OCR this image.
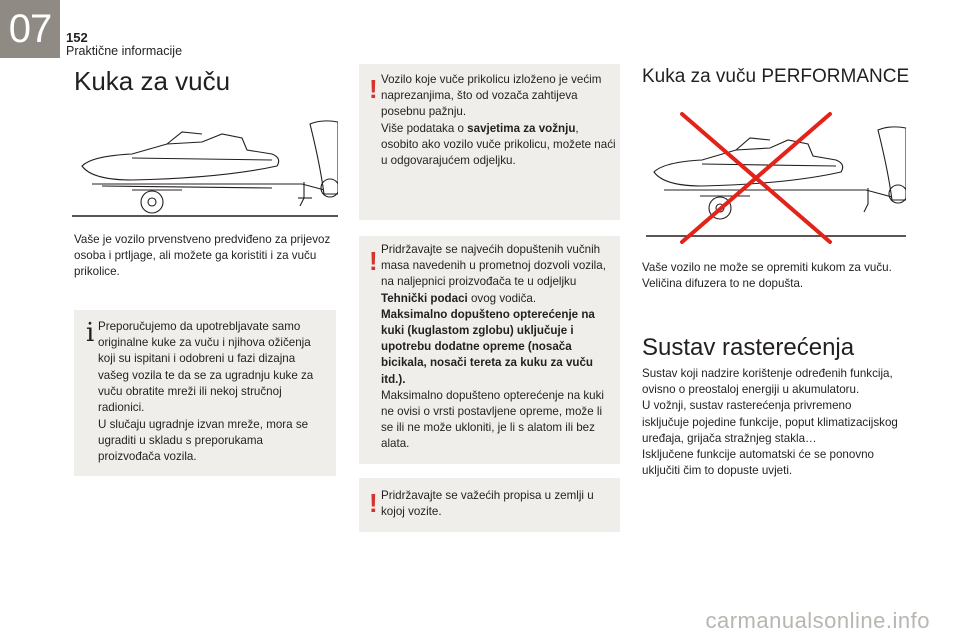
07 152
Praktične informacije
Kuka za vuču

Vaše je vozilo prvenstveno predviđeno za prijevoz osoba i prtljage, ali možete ga koristiti i za vuču prikolice.

i Preporučujemo da upotrebljavate samo originalne kuke za vuču i njihova ožičenja koji su ispitani i odobreni u fazi dizajna vašeg vozila te da se za ugradnju kuke za vuču obratite mreži ili nekoj stručnoj radionici.

U slučaju ugradnje izvan mreže, mora se ugraditi u skladu s preporukama proizvođača vozila.

! Vozilo koje vuče prikolicu izloženo je većim naprezanjima, što od vozača zahtijeva posebnu pažnju.
Više podataka o savjetima za vožnju, osobito ako vozilo vuče prikolicu, možete naći u odgovarajućem odjeljku.

! Pridržavajte se najvećih dopuštenih vučnih masa navedenih u prometnoj dozvoli vozila, na naljepnici proizvođača te u odjeljku Tehnički podaci ovog vodiča.
Maksimalno dopušteno opterećenje na kuki (kuglastom zglobu) uključuje i upotrebu dodatne opreme (nosača bicikala, nosači tereta za kuku za vuču itd.).
Maksimalno dopušteno opterećenje na kuki ne ovisi o vrsti postavljene opreme, može li se ili ne može ukloniti, je li s alatom ili bez alata.

! Pridržavajte se važećih propisa u zemlji u kojoj vozite.

Kuka za vuču PERFORMANCE

Vaše vozilo ne može se opremiti kukom za vuču. Veličina difuzera to ne dopušta.

Sustav rasterećenja
Sustav koji nadzire korištenje određenih funkcija, ovisno o preostaloj energiji u akumulatoru.
U vožnji, sustav rasterećenja privremeno isključuje pojedine funkcije, poput klimatizacijskog uređaja, grijača stražnjeg stakla…
Isključene funkcije automatski će se ponovno uključiti čim to dopuste uvjeti.
carmanualsonline.info
